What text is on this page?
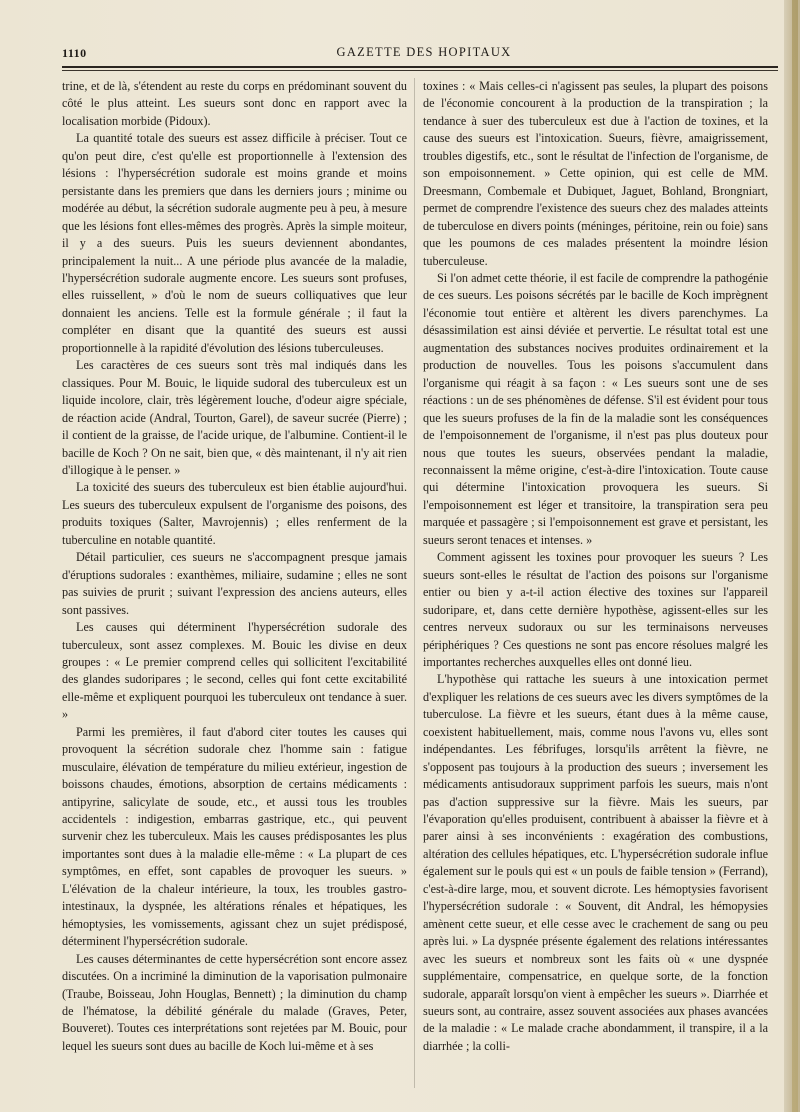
1110	GAZETTE DES HOPITAUX

trine, et de là, s'étendent au reste du corps en prédominant souvent du côté le plus atteint. Les sueurs sont donc en rapport avec la localisation morbide (Pidoux).

La quantité totale des sueurs est assez difficile à préciser. Tout ce qu'on peut dire, c'est qu'elle est proportionnelle à l'extension des lésions : l'hypersécrétion sudorale est moins grande et moins persistante dans les premiers que dans les derniers jours ; minime ou modérée au début, la sécrétion sudorale augmente peu à peu, à mesure que les lésions font elles-mêmes des progrès. Après la simple moiteur, il y a des sueurs. Puis les sueurs deviennent abondantes, principalement la nuit... A une période plus avancée de la maladie, l'hypersécrétion sudorale augmente encore. Les sueurs sont profuses, elles ruissellent, » d'où le nom de sueurs colliquatives que leur donnaient les anciens. Telle est la formule générale ; il faut la compléter en disant que la quantité des sueurs est aussi proportionnelle à la rapidité d'évolution des lésions tuberculeuses.

Les caractères de ces sueurs sont très mal indiqués dans les classiques. Pour M. Bouic, le liquide sudoral des tuberculeux est un liquide incolore, clair, très légèrement louche, d'odeur aigre spéciale, de réaction acide (Andral, Tourton, Garel), de saveur sucrée (Pierre) ; il contient de la graisse, de l'acide urique, de l'albumine. Contient-il le bacille de Koch ? On ne sait, bien que, « dès maintenant, il n'y ait rien d'illogique à le penser. »

La toxicité des sueurs des tuberculeux est bien établie aujourd'hui. Les sueurs des tuberculeux expulsent de l'organisme des poisons, des produits toxiques (Salter, Mavrojennis) ; elles renferment de la tuberculine en notable quantité.

Détail particulier, ces sueurs ne s'accompagnent presque jamais d'éruptions sudorales : exanthèmes, miliaire, sudamine ; elles ne sont pas suivies de prurit ; suivant l'expression des anciens auteurs, elles sont passives.

Les causes qui déterminent l'hypersécrétion sudorale des tuberculeux, sont assez complexes. M. Bouic les divise en deux groupes : « Le premier comprend celles qui sollicitent l'excitabilité des glandes sudoripares ; le second, celles qui font cette excitabilité elle-même et expliquent pourquoi les tuberculeux ont tendance à suer. »

Parmi les premières, il faut d'abord citer toutes les causes qui provoquent la sécrétion sudorale chez l'homme sain : fatigue musculaire, élévation de température du milieu extérieur, ingestion de boissons chaudes, émotions, absorption de certains médicaments : antipyrine, salicylate de soude, etc., et aussi tous les troubles accidentels : indigestion, embarras gastrique, etc., qui peuvent survenir chez les tuberculeux. Mais les causes prédisposantes les plus importantes sont dues à la maladie elle-même : « La plupart de ces symptômes, en effet, sont capables de provoquer les sueurs. » L'élévation de la chaleur intérieure, la toux, les troubles gastro-intestinaux, la dyspnée, les altérations rénales et hépatiques, les hémoptysies, les vomissements, agissant chez un sujet prédisposé, déterminent l'hypersécrétion sudorale.

Les causes déterminantes de cette hypersécrétion sont encore assez discutées. On a incriminé la diminution de la vaporisation pulmonaire (Traube, Boisseau, John Houglas, Bennett) ; la diminution du champ de l'hématose, la débilité générale du malade (Graves, Peter, Bouveret). Toutes ces interprétations sont rejetées par M. Bouic, pour lequel les sueurs sont dues au bacille de Koch lui-même et à ses

toxines : « Mais celles-ci n'agissent pas seules, la plupart des poisons de l'économie concourent à la production de la transpiration ; la tendance à suer des tuberculeux est due à l'action de toxines, et la cause des sueurs est l'intoxication. Sueurs, fièvre, amaigrissement, troubles digestifs, etc., sont le résultat de l'infection de l'organisme, de son empoisonnement. » Cette opinion, qui est celle de MM. Dreesmann, Combemale et Dubiquet, Jaguet, Bohland, Brongniart, permet de comprendre l'existence des sueurs chez des malades atteints de tuberculose en divers points (méninges, péritoine, rein ou foie) sans que les poumons de ces malades présentent la moindre lésion tuberculeuse.

Si l'on admet cette théorie, il est facile de comprendre la pathogénie de ces sueurs. Les poisons sécrétés par le bacille de Koch imprègnent l'économie tout entière et altèrent les divers parenchymes. La désassimilation est ainsi déviée et pervertie. Le résultat total est une augmentation des substances nocives produites ordinairement et la production de nouvelles. Tous les poisons s'accumulent dans l'organisme qui réagit à sa façon : « Les sueurs sont une de ses réactions : un de ses phénomènes de défense. S'il est évident pour tous que les sueurs profuses de la fin de la maladie sont les conséquences de l'empoisonnement de l'organisme, il n'est pas plus douteux pour nous que toutes les sueurs, observées pendant la maladie, reconnaissent la même origine, c'est-à-dire l'intoxication. Toute cause qui détermine l'intoxication provoquera les sueurs. Si l'empoisonnement est léger et transitoire, la transpiration sera peu marquée et passagère ; si l'empoisonnement est grave et persistant, les sueurs seront tenaces et intenses. »

Comment agissent les toxines pour provoquer les sueurs ? Les sueurs sont-elles le résultat de l'action des poisons sur l'organisme entier ou bien y a-t-il action élective des toxines sur l'appareil sudoripare, et, dans cette dernière hypothèse, agissent-elles sur les centres nerveux sudoraux ou sur les terminaisons nerveuses périphériques ? Ces questions ne sont pas encore résolues malgré les importantes recherches auxquelles elles ont donné lieu.

L'hypothèse qui rattache les sueurs à une intoxication permet d'expliquer les relations de ces sueurs avec les divers symptômes de la tuberculose. La fièvre et les sueurs, étant dues à la même cause, coexistent habituellement, mais, comme nous l'avons vu, elles sont indépendantes. Les fébrifuges, lorsqu'ils arrêtent la fièvre, ne s'opposent pas toujours à la production des sueurs ; inversement les médicaments antisudoraux suppriment parfois les sueurs, mais n'ont pas d'action suppressive sur la fièvre. Mais les sueurs, par l'évaporation qu'elles produisent, contribuent à abaisser la fièvre et à parer ainsi à ses inconvénients : exagération des combustions, altération des cellules hépatiques, etc. L'hypersécrétion sudorale influe également sur le pouls qui est « un pouls de faible tension » (Ferrand), c'est-à-dire large, mou, et souvent dicrote. Les hémoptysies favorisent l'hypersécrétion sudorale : « Souvent, dit Andral, les hémopysies amènent cette sueur, et elle cesse avec le crachement de sang ou peu après lui. » La dyspnée présente également des relations intéressantes avec les sueurs et nombreux sont les faits où « une dyspnée supplémentaire, compensatrice, en quelque sorte, de la fonction sudorale, apparaît lorsqu'on vient à empêcher les sueurs ». Diarrhée et sueurs sont, au contraire, assez souvent associées aux phases avancées de la maladie : « Le malade crache abondamment, il transpire, il a la diarrhée ; la colli-
